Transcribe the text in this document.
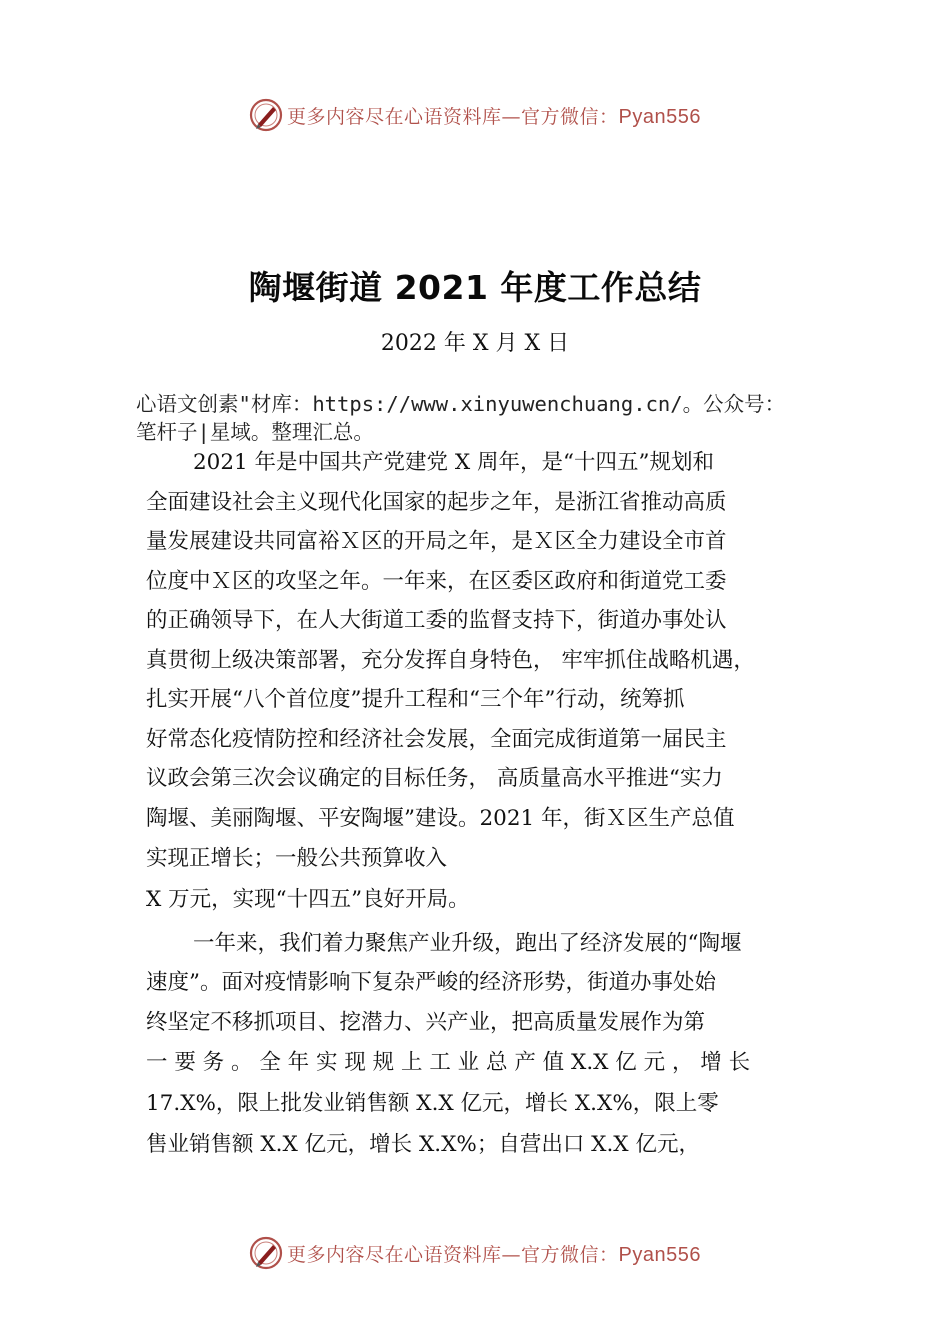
更多内容尽在心语资料库—官方微信：Pyan556
陶堰街道 2021 年度工作总结
2022 年 X 月 X 日
心语文创素"材库：https://www.xinyuwenchuang.cn/。公众号：
笔杆子|星域。整理汇总。
2021 年是中国共产党建党 X 周年，是“十四五”规划和
全面建设社会主义现代化国家的起步之年，是浙江省推动高质
量发展建设共同富裕Ｘ区的开局之年，是Ｘ区全力建设全市首
位度中Ｘ区的攻坚之年。一年来，在区委区政府和街道党工委
的正确领导下，在人大街道工委的监督支持下，街道办事处认
真贯彻上级决策部署，充分发挥自身特色， 牢牢抓住战略机遇，
扎实开展“八个首位度”提升工程和“三个年”行动，统筹抓
好常态化疫情防控和经济社会发展，全面完成街道第一届民主
议政会第三次会议确定的目标任务， 高质量高水平推进“实力
陶堰、美丽陶堰、平安陶堰”建设。2021 年，街Ｘ区生产总值
实现正增长；一般公共预算收入
X 万元，实现“十四五”良好开局。
一年来，我们着力聚焦产业升级，跑出了经济发展的“陶堰
速度”。面对疫情影响下复杂严峻的经济形势，街道办事处始
终坚定不移抓项目、挖潜力、兴产业，把高质量发展作为第
一 要 务 。 全 年 实 现 规 上 工 业 总 产 值 X.X 亿 元 ， 增 长
17.X%，限上批发业销售额 X.X 亿元，增长 X.X%，限上零
售业销售额 X.X 亿元，增长 X.X%；自营出口 X.X 亿元，
更多内容尽在心语资料库—官方微信：Pyan556
